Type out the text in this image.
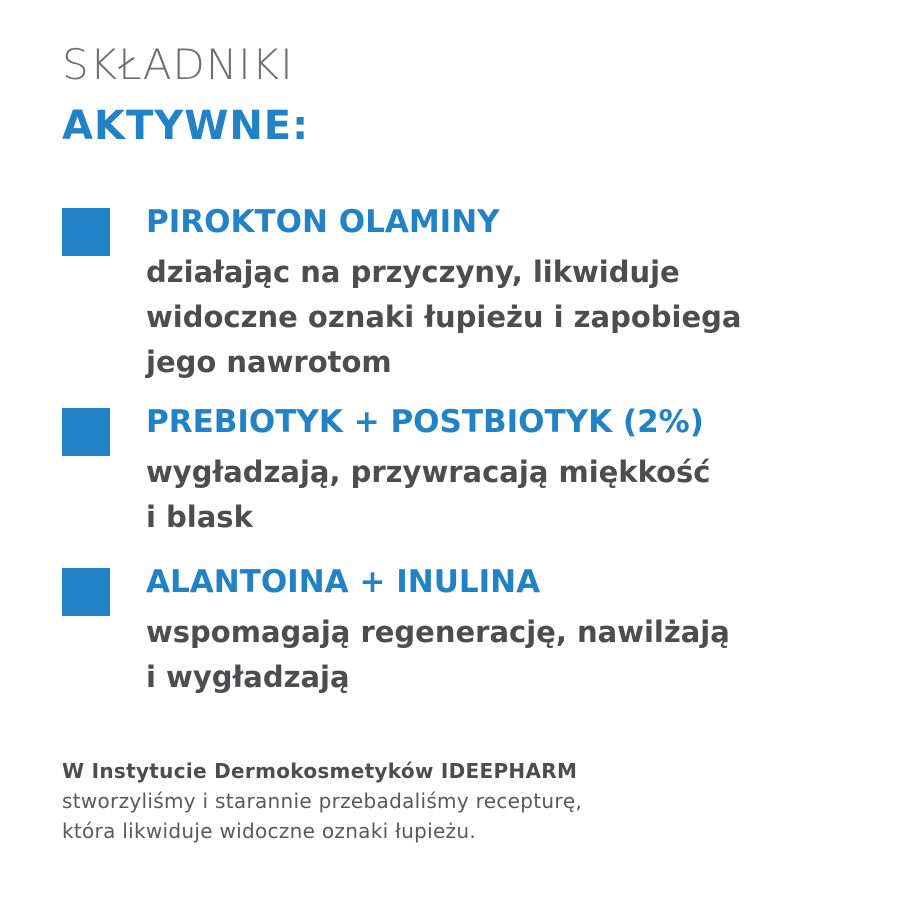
SKŁADNIKI
AKTYWNE:
PIROKTON OLAMINY
działając na przyczyny, likwiduje
widoczne oznaki łupieżu i zapobiega
jego nawrotom
PREBIOTYK + POSTBIOTYK (2%)
wygładzają, przywracają miękkość
i blask
ALANTOINA + INULINA
wspomagają regenerację, nawilżają
i wygładzają
W Instytucie Dermokosmetyków IDEEPHARM
stworzyliśmy i starannie przebadaliśmy recepturę,
która likwiduje widoczne oznaki łupieżu.
